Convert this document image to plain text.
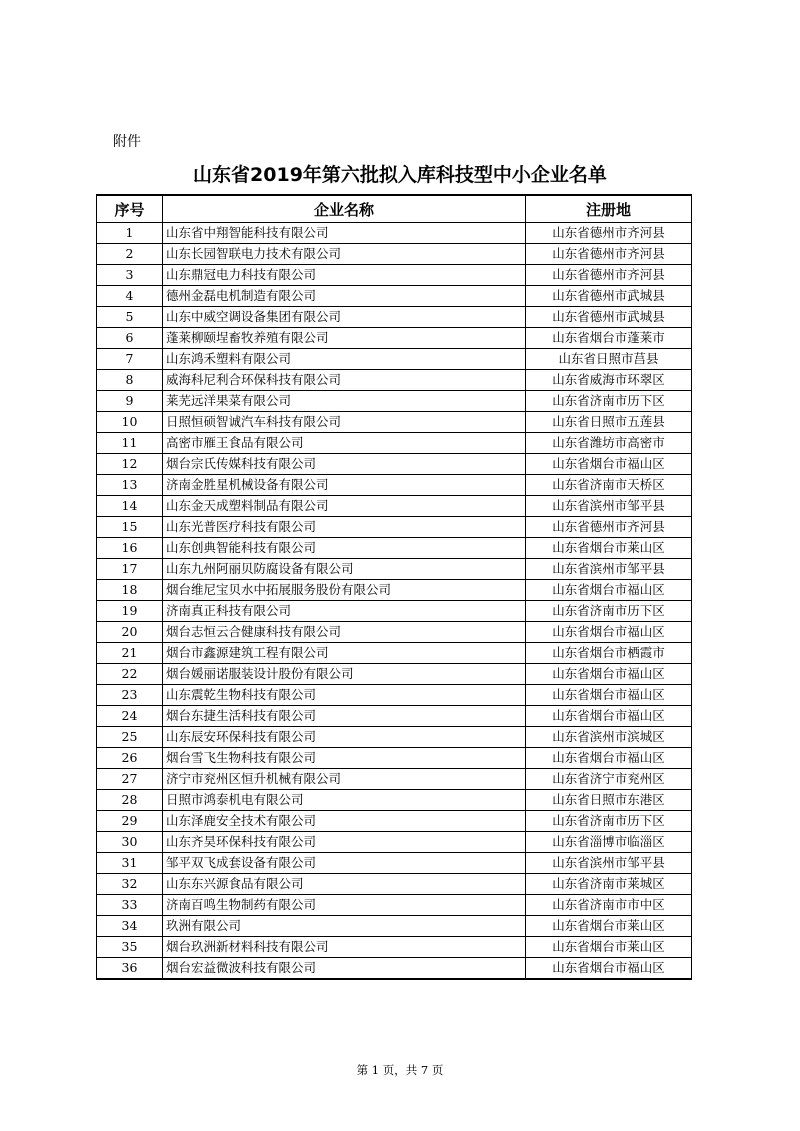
附件
山东省2019年第六批拟入库科技型中小企业名单
序号	企业名称	注册地
1	山东省中翔智能科技有限公司	山东省德州市齐河县
2	山东长园智联电力技术有限公司	山东省德州市齐河县
3	山东鼎冠电力科技有限公司	山东省德州市齐河县
4	德州金磊电机制造有限公司	山东省德州市武城县
5	山东中威空调设备集团有限公司	山东省德州市武城县
6	蓬莱柳颐埕畜牧养殖有限公司	山东省烟台市蓬莱市
7	山东鸿禾塑料有限公司	山东省日照市莒县
8	威海科尼利合环保科技有限公司	山东省威海市环翠区
9	莱芜远洋果菜有限公司	山东省济南市历下区
10	日照恒硕智诚汽车科技有限公司	山东省日照市五莲县
11	高密市雁王食品有限公司	山东省潍坊市高密市
12	烟台宗氏传媒科技有限公司	山东省烟台市福山区
13	济南金胜星机械设备有限公司	山东省济南市天桥区
14	山东金天成塑料制品有限公司	山东省滨州市邹平县
15	山东光普医疗科技有限公司	山东省德州市齐河县
16	山东创典智能科技有限公司	山东省烟台市莱山区
17	山东九州阿丽贝防腐设备有限公司	山东省滨州市邹平县
18	烟台维尼宝贝水中拓展服务股份有限公司	山东省烟台市福山区
19	济南真正科技有限公司	山东省济南市历下区
20	烟台志恒云合健康科技有限公司	山东省烟台市福山区
21	烟台市鑫源建筑工程有限公司	山东省烟台市栖霞市
22	烟台媛丽诺服装设计股份有限公司	山东省烟台市福山区
23	山东震乾生物科技有限公司	山东省烟台市福山区
24	烟台东捷生活科技有限公司	山东省烟台市福山区
25	山东辰安环保科技有限公司	山东省滨州市滨城区
26	烟台雪飞生物科技有限公司	山东省烟台市福山区
27	济宁市兖州区恒升机械有限公司	山东省济宁市兖州区
28	日照市鸿泰机电有限公司	山东省日照市东港区
29	山东泽鹿安全技术有限公司	山东省济南市历下区
30	山东齐昊环保科技有限公司	山东省淄博市临淄区
31	邹平双飞成套设备有限公司	山东省滨州市邹平县
32	山东东兴源食品有限公司	山东省济南市莱城区
33	济南百鸣生物制药有限公司	山东省济南市市中区
34	玖洲有限公司	山东省烟台市莱山区
35	烟台玖洲新材料科技有限公司	山东省烟台市莱山区
36	烟台宏益微波科技有限公司	山东省烟台市福山区
第 1 页，共 7 页
